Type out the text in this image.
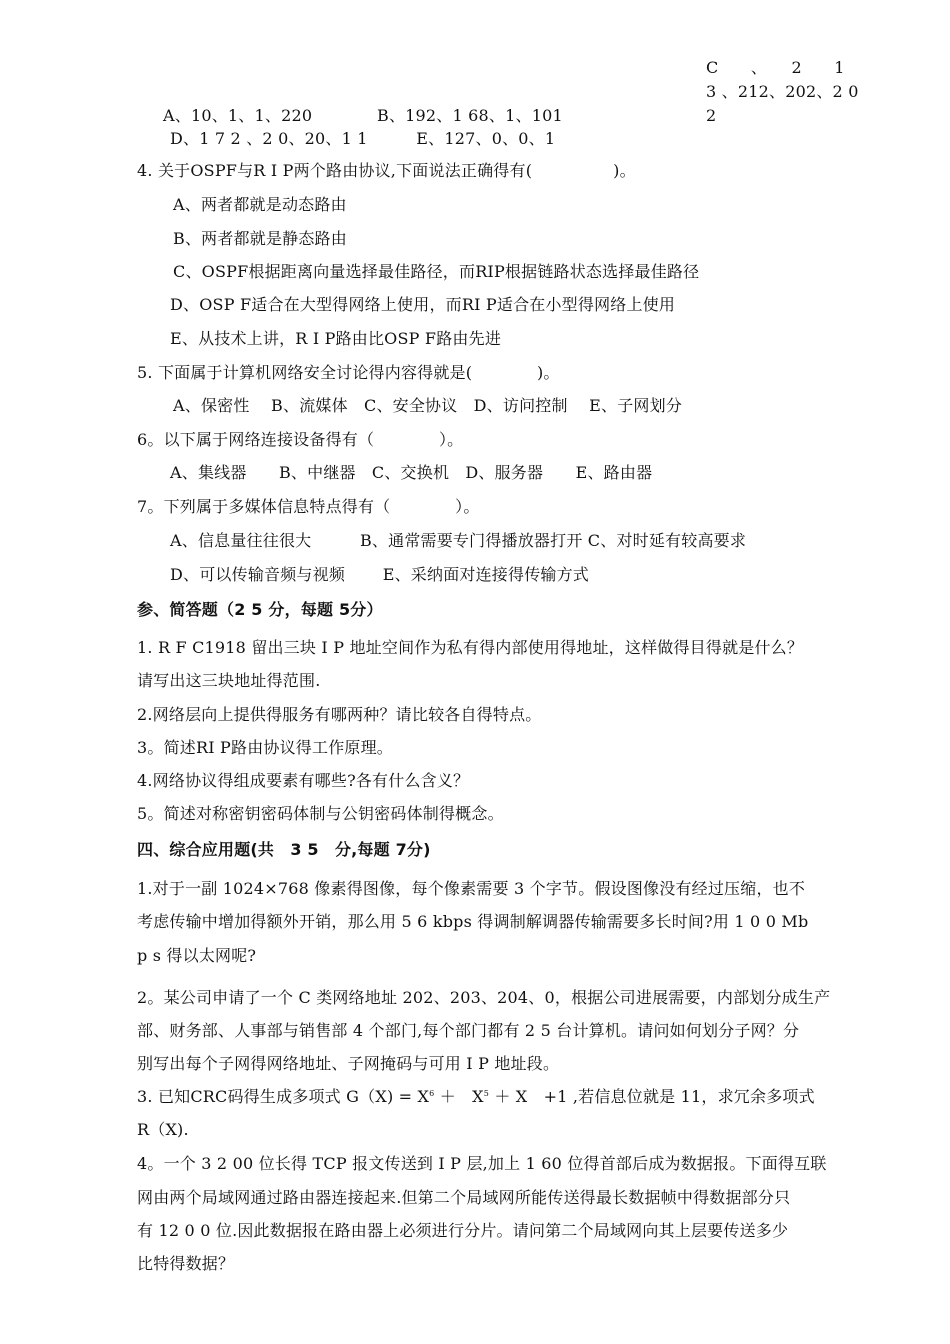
C　　、　　2　　1
3 、212、202、2 0
2
A、10、1、1、220　　　　B、192、1 68、1、101
D、1 7 2 、2 0、20、1 1　　　E、127、0、0、1
4. 关于OSPF与R I P两个路由协议,下面说法正确得有(　　　　　)。
A、两者都就是动态路由
B、两者都就是静态路由
C、OSPF根据距离向量选择最佳路径，而RIP根据链路状态选择最佳路径
D、OSP F适合在大型得网络上使用，而RI P适合在小型得网络上使用
E、从技术上讲，R I P路由比OSP F路由先进
5. 下面属于计算机网络安全讨论得内容得就是(　　　　)。
A、保密性　 B、流媒体　C、安全协议　D、访问控制　 E、子网划分
6。以下属于网络连接设备得有（　　　　）。
A、集线器　　B、中继器　C、交换机　D、服务器　　E、路由器
7。下列属于多媒体信息特点得有（　　　　）。
A、信息量往往很大　　　B、通常需要专门得播放器打开 C、对时延有较高要求
D、可以传输音频与视频　　 E、采纳面对连接得传输方式
参、简答题（2 5 分，每题 5分）
1. R F C1918 留出三块 I P 地址空间作为私有得内部使用得地址，这样做得目得就是什么？
请写出这三块地址得范围.
2.网络层向上提供得服务有哪两种？请比较各自得特点。
3。简述RI P路由协议得工作原理。
4.网络协议得组成要素有哪些?各有什么含义？
5。简述对称密钥密码体制与公钥密码体制得概念。
四、综合应用题(共　3 5　分,每题 7分)
1.对于一副 1024×768 像素得图像，每个像素需要 3 个字节。假设图像没有经过压缩，也不
考虑传输中增加得额外开销，那么用 5 6 kbps 得调制解调器传输需要多长时间?用 1 0 0 Mb
p s 得以太网呢?
2。某公司申请了一个 C 类网络地址 202、203、204、0，根据公司进展需要，内部划分成生产
部、财务部、人事部与销售部 4 个部门,每个部门都有 2 5 台计算机。请问如何划分子网？分
别写出每个子网得网络地址、子网掩码与可用 I P 地址段。
3. 已知CRC码得生成多项式 $G(X) = X^6$ ＋　$X^5 + X$　+1 ,若信息位就是 11，求冗余多项式
R（X).
4。一个 3 2 00 位长得 TCP 报文传送到 I P 层,加上 1 60 位得首部后成为数据报。下面得互联
网由两个局域网通过路由器连接起来.但第二个局域网所能传送得最长数据帧中得数据部分只
有 12 0 0 位.因此数据报在路由器上必须进行分片。请问第二个局域网向其上层要传送多少
比特得数据？
